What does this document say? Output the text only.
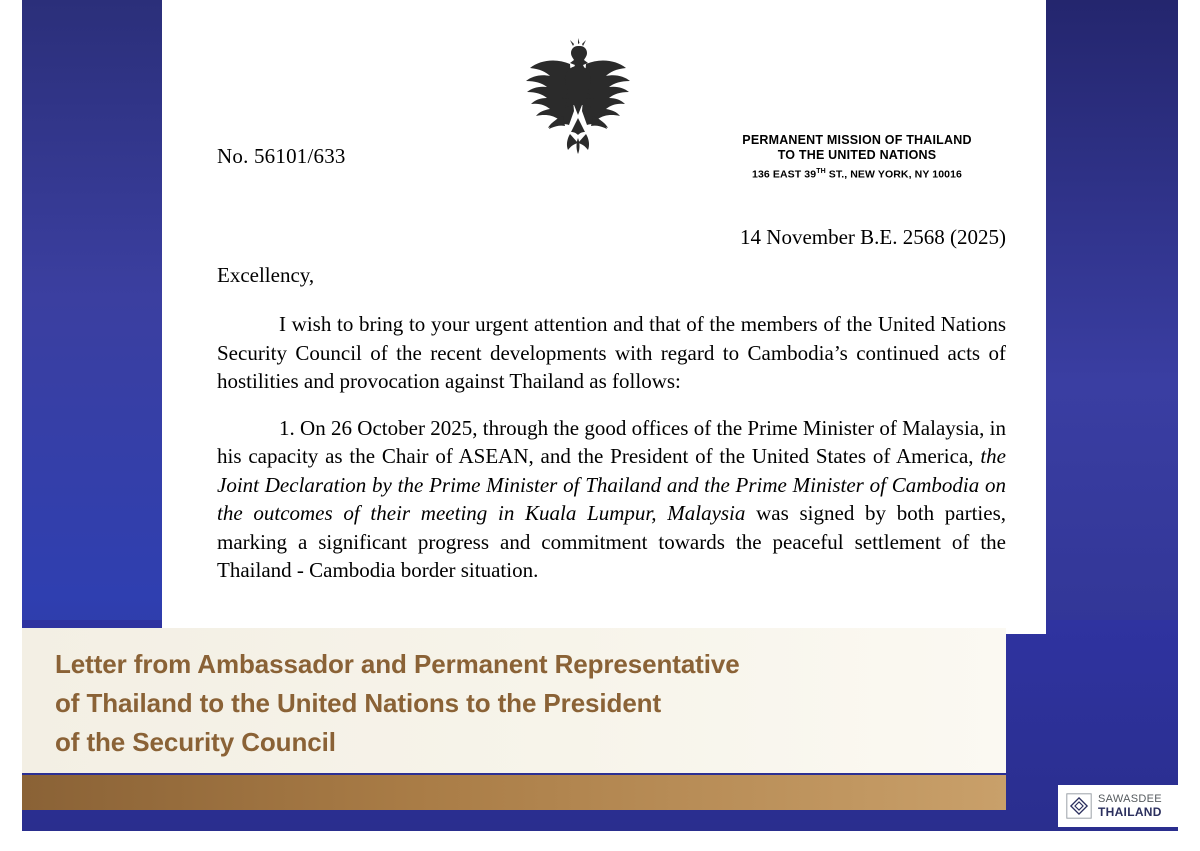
PERMANENT MISSION OF THAILAND
TO THE UNITED NATIONS
136 EAST 39TH ST., NEW YORK, NY 10016
No. 56101/633
14 November B.E. 2568 (2025)
Excellency,

I wish to bring to your urgent attention and that of the members of the United Nations Security Council of the recent developments with regard to Cambodia’s continued acts of hostilities and provocation against Thailand as follows:

1. On 26 October 2025, through the good offices of the Prime Minister of Malaysia, in his capacity as the Chair of ASEAN, and the President of the United States of America, the Joint Declaration by the Prime Minister of Thailand and the Prime Minister of Cambodia on the outcomes of their meeting in Kuala Lumpur, Malaysia was signed by both parties, marking a significant progress and commitment towards the peaceful settlement of the Thailand - Cambodia border situation.

Letter from Ambassador and Permanent Representative
of Thailand to the United Nations to the President
of the Security Council
SAWASDEE
THAILAND
